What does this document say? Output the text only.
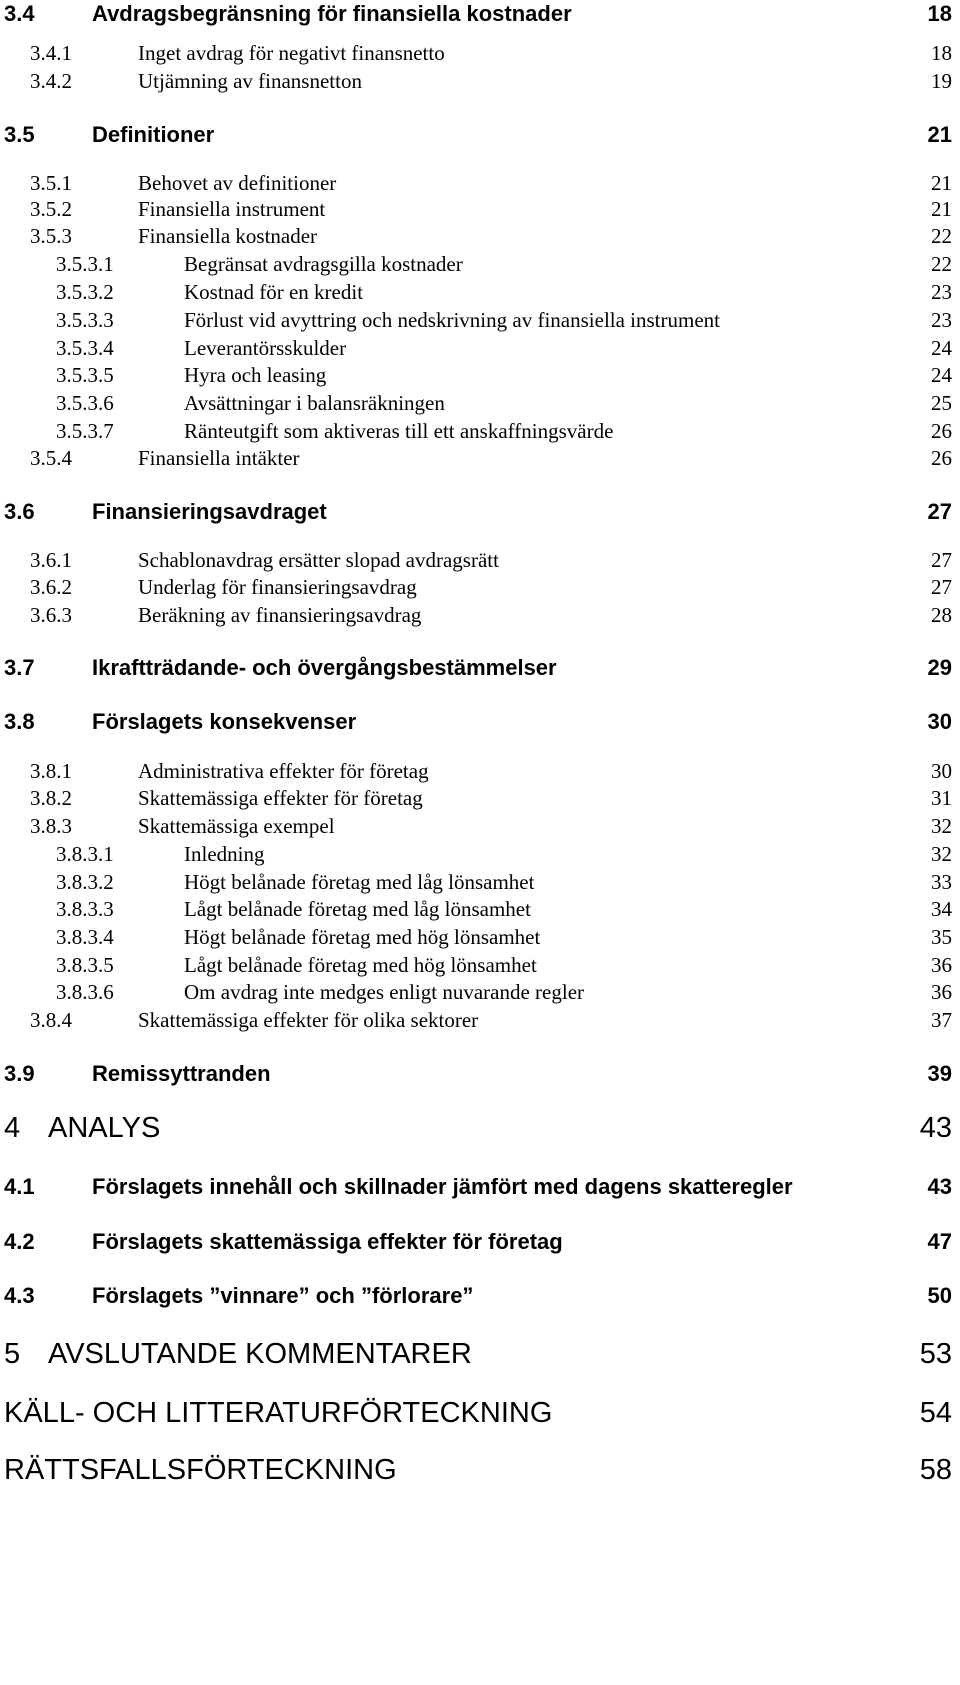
3.4	Avdragsbegränsning för finansiella kostnader	18
3.4.1	Inget avdrag för negativt finansnetto	18
3.4.2	Utjämning av finansnetton	19
3.5	Definitioner	21
3.5.1	Behovet av definitioner	21
3.5.2	Finansiella instrument	21
3.5.3	Finansiella kostnader	22
3.5.3.1	Begränsat avdragsgilla kostnader	22
3.5.3.2	Kostnad för en kredit	23
3.5.3.3	Förlust vid avyttring och nedskrivning av finansiella instrument	23
3.5.3.4	Leverantörsskulder	24
3.5.3.5	Hyra och leasing	24
3.5.3.6	Avsättningar i balansräkningen	25
3.5.3.7	Ränteutgift som aktiveras till ett anskaffningsvärde	26
3.5.4	Finansiella intäkter	26
3.6	Finansieringsavdraget	27
3.6.1	Schablonavdrag ersätter slopad avdragsrätt	27
3.6.2	Underlag för finansieringsavdrag	27
3.6.3	Beräkning av finansieringsavdrag	28
3.7	Ikraftträdande- och övergångsbestämmelser	29
3.8	Förslagets konsekvenser	30
3.8.1	Administrativa effekter för företag	30
3.8.2	Skattemässiga effekter för företag	31
3.8.3	Skattemässiga exempel	32
3.8.3.1	Inledning	32
3.8.3.2	Högt belånade företag med låg lönsamhet	33
3.8.3.3	Lågt belånade företag med låg lönsamhet	34
3.8.3.4	Högt belånade företag med hög lönsamhet	35
3.8.3.5	Lågt belånade företag med hög lönsamhet	36
3.8.3.6	Om avdrag inte medges enligt nuvarande regler	36
3.8.4	Skattemässiga effekter för olika sektorer	37
3.9	Remissyttranden	39
4 ANALYS	43
4.1	Förslagets innehåll och skillnader jämfört med dagens skatteregler	43
4.2	Förslagets skattemässiga effekter för företag	47
4.3	Förslagets ”vinnare” och ”förlorare”	50
5 AVSLUTANDE KOMMENTARER	53
KÄLL- OCH LITTERATURFÖRTECKNING	54
RÄTTSFALLSFÖRTECKNING	58
